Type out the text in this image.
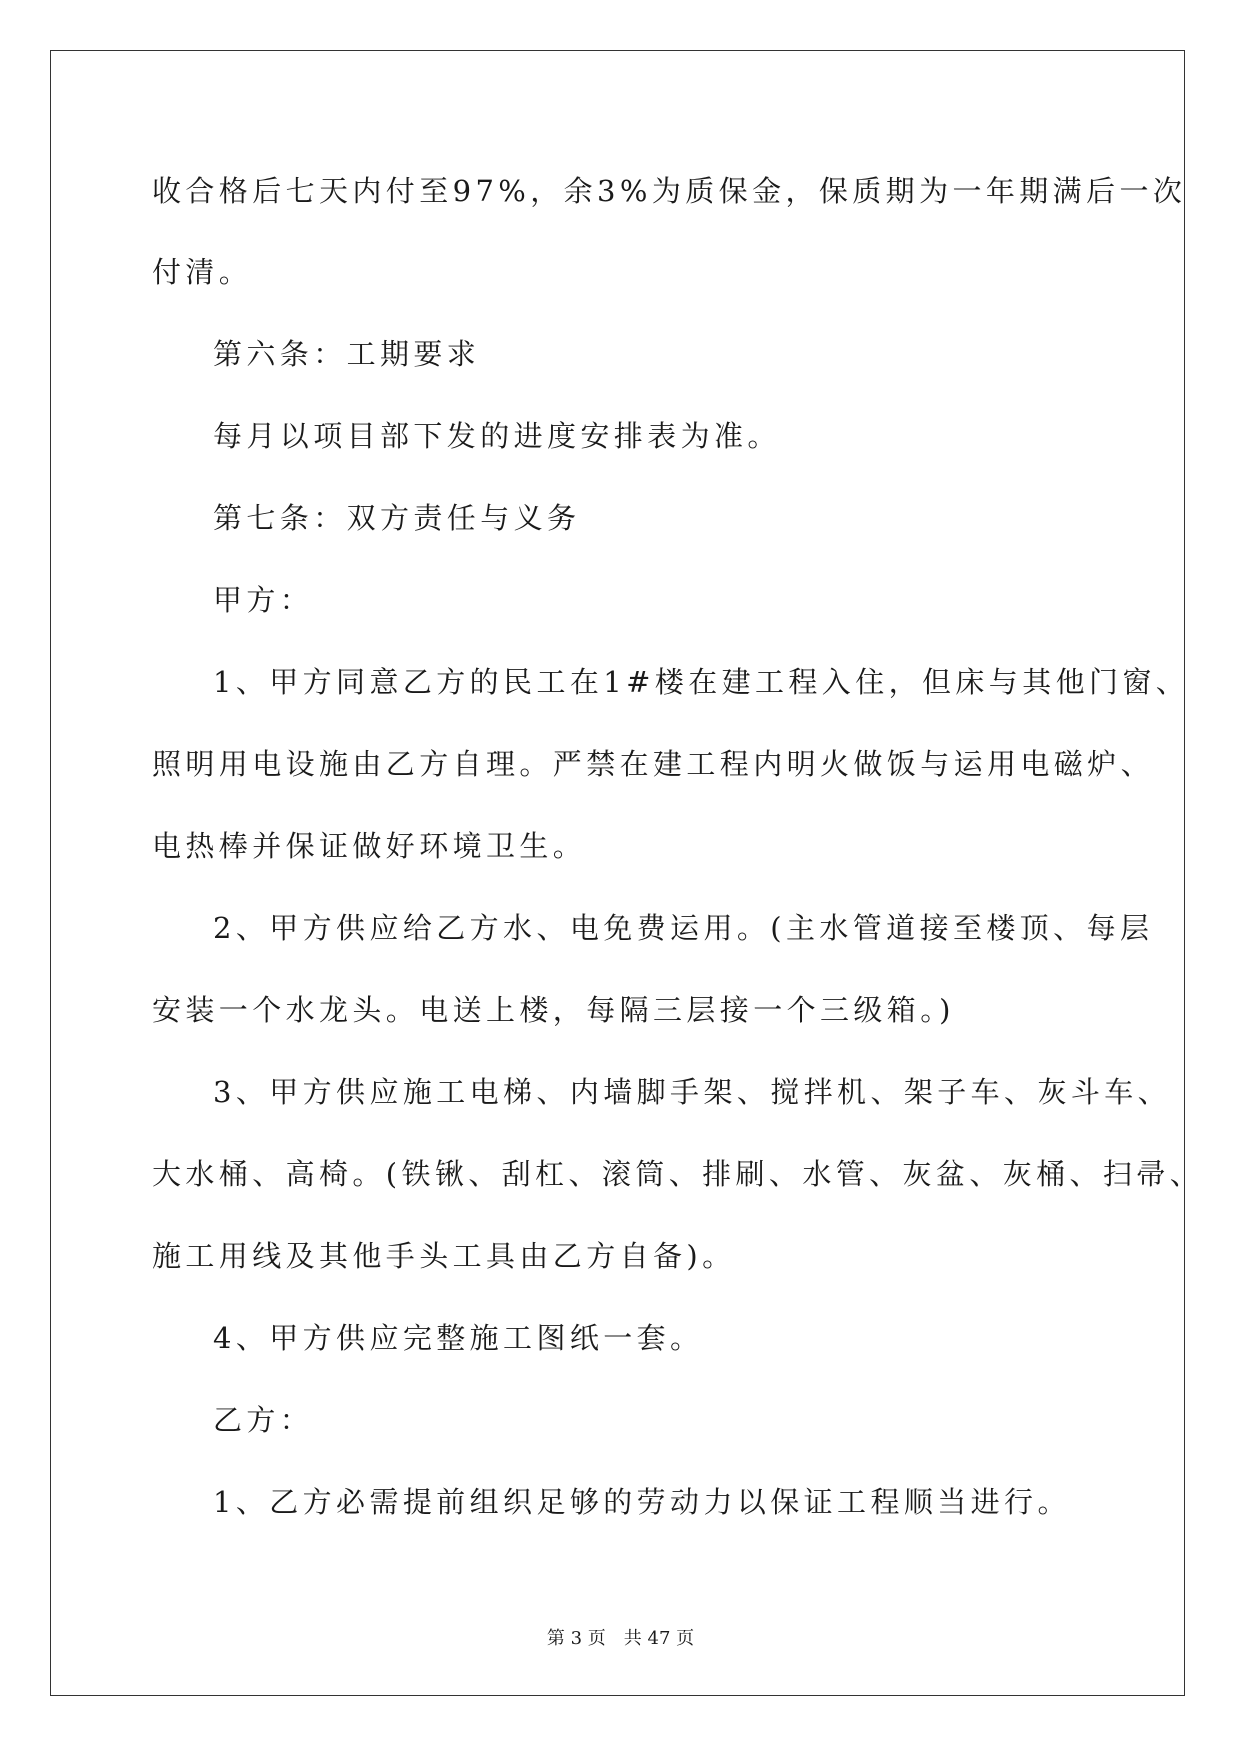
收合格后七天内付至97%，余3%为质保金，保质期为一年期满后一次
付清。
第六条：工期要求
每月以项目部下发的进度安排表为准。
第七条：双方责任与义务
甲方：
1、甲方同意乙方的民工在1#楼在建工程入住，但床与其他门窗、
照明用电设施由乙方自理。严禁在建工程内明火做饭与运用电磁炉、
电热棒并保证做好环境卫生。
2、甲方供应给乙方水、电免费运用。(主水管道接至楼顶、每层
安装一个水龙头。电送上楼，每隔三层接一个三级箱。)
3、甲方供应施工电梯、内墙脚手架、搅拌机、架子车、灰斗车、
大水桶、高椅。(铁锹、刮杠、滚筒、排刷、水管、灰盆、灰桶、扫帚、
施工用线及其他手头工具由乙方自备)。
4、甲方供应完整施工图纸一套。
乙方：
1、乙方必需提前组织足够的劳动力以保证工程顺当进行。
第 3 页 共 47 页
